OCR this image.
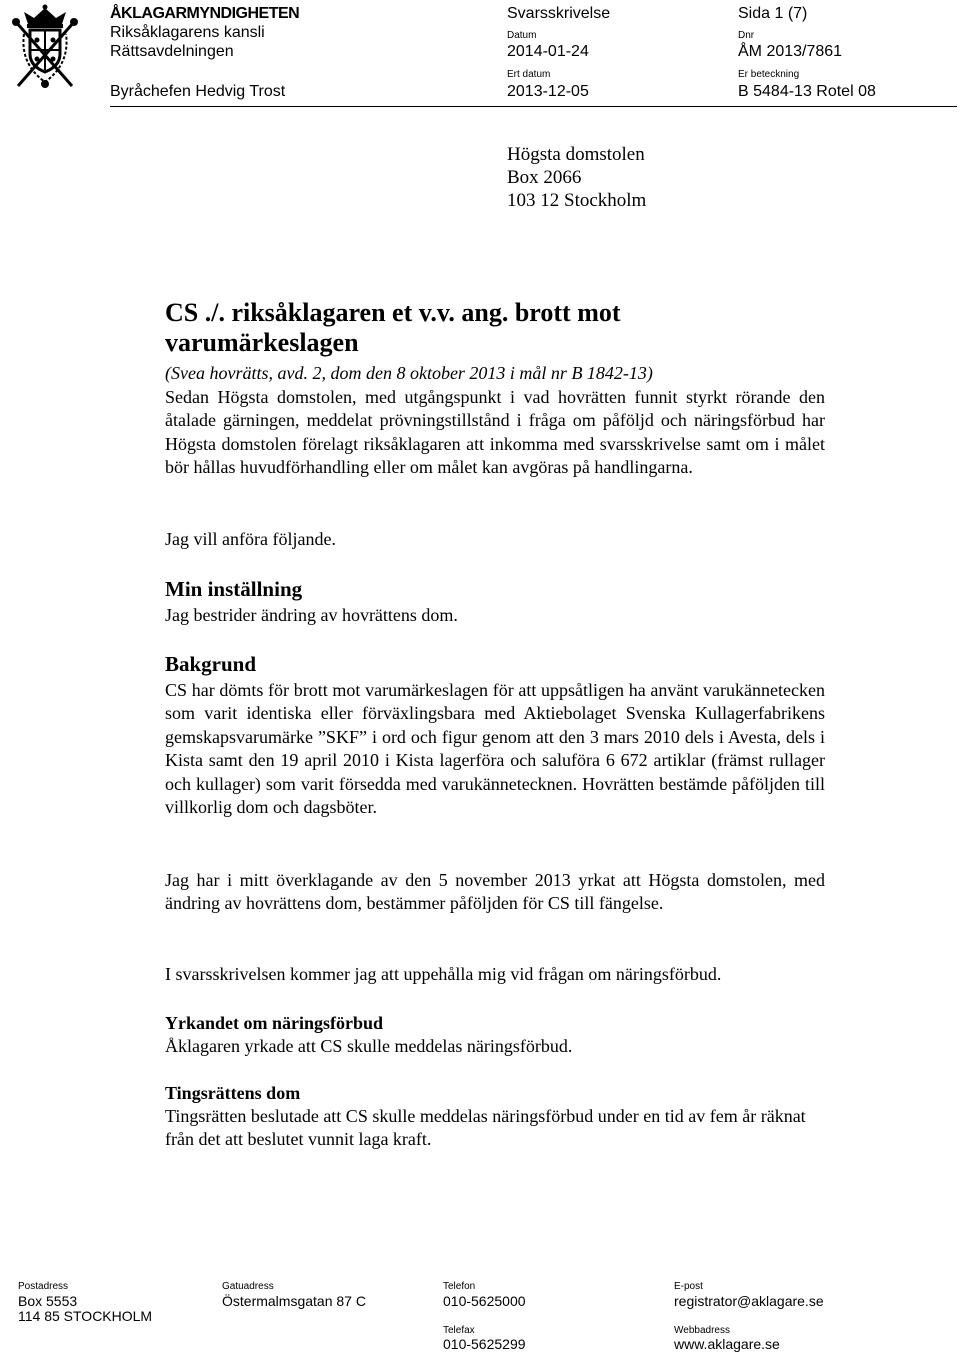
ÅKLAGARMYNDIGHETEN
Riksåklagarens kansli
Rättsavdelningen
Byråchefen Hedvig Trost
Svarsskrivelse
Datum
2014-01-24
Ert datum
2013-12-05
Sida 1 (7)
Dnr
ÅM 2013/7861
Er beteckning
B 5484-13 Rotel 08
Högsta domstolen
Box 2066
103 12 Stockholm
CS ./. riksåklagaren et v.v. ang. brott mot
varumärkeslagen
(Svea hovrätts, avd. 2, dom den 8 oktober 2013 i mål nr B 1842-13)
Sedan Högsta domstolen, med utgångspunkt i vad hovrätten funnit styrkt rörande den åtalade gärningen, meddelat prövningstillstånd i fråga om påföljd och näringsförbud har Högsta domstolen förelagt riksåklagaren att inkomma med svarsskrivelse samt om i målet bör hållas huvudförhandling eller om målet kan avgöras på handlingarna.
Jag vill anföra följande.
Min inställning
Jag bestrider ändring av hovrättens dom.
Bakgrund
CS har dömts för brott mot varumärkeslagen för att uppsåtligen ha använt varukännetecken som varit identiska eller förväxlingsbara med Aktiebolaget Svenska Kullagerfabrikens gemskapsvarumärke ”SKF” i ord och figur genom att den 3 mars 2010 dels i Avesta, dels i Kista samt den 19 april 2010 i Kista lagerföra och saluföra 6 672 artiklar (främst rullager och kullager) som varit försedda med varukännetecknen. Hovrätten bestämde påföljden till villkorlig dom och dagsböter.
Jag har i mitt överklagande av den 5 november 2013 yrkat att Högsta domstolen, med ändring av hovrättens dom, bestämmer påföljden för CS till fängelse.
I svarsskrivelsen kommer jag att uppehålla mig vid frågan om näringsförbud.
Yrkandet om näringsförbud
Åklagaren yrkade att CS skulle meddelas näringsförbud.
Tingsrättens dom
Tingsrätten beslutade att CS skulle meddelas näringsförbud under en tid av fem år räknat från det att beslutet vunnit laga kraft.
Postadress
Box 5553
114 85 STOCKHOLM
Gatuadress
Östermalmsgatan 87 C
Telefon
010-5625000
Telefax
010-5625299
E-post
registrator@aklagare.se
Webbadress
www.aklagare.se
